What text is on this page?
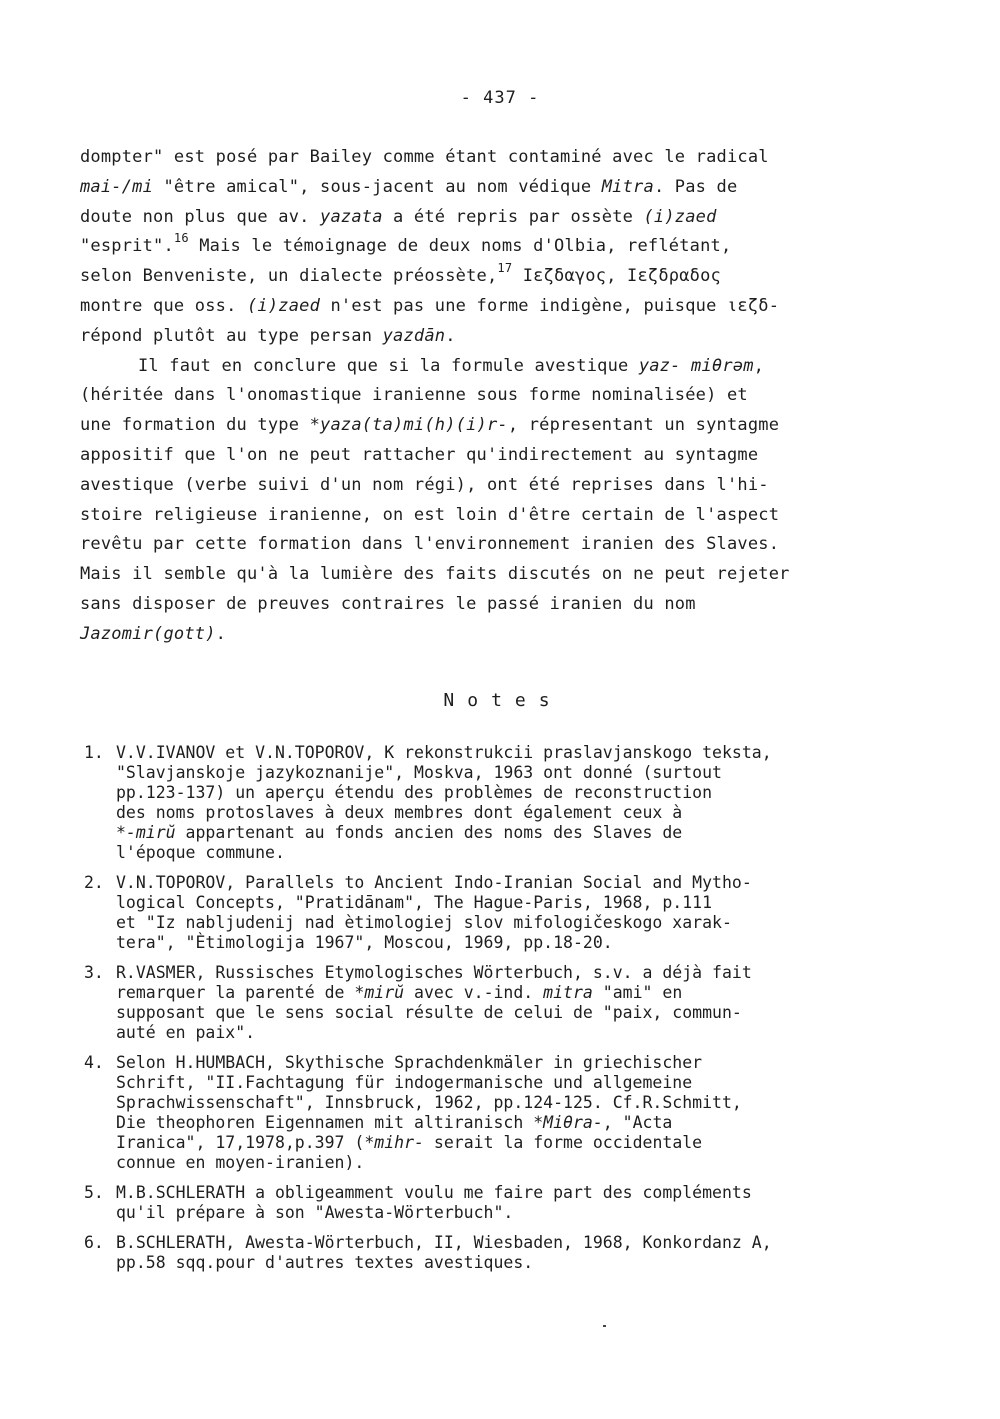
- 437 -
dompter" est posé par Bailey comme étant contaminé avec le radical
mai-/mi "être amical", sous-jacent au nom védique Mitra. Pas de
doute non plus que av. yazata a été repris par ossète (i)zaed
"esprit".$^{16}$ Mais le témoignage de deux noms d'Olbia, reflétant,
selon Benveniste, un dialecte préossète,$^{17}$ Ιεζδαγος, Ιεζδραδος
montre que oss. (i)zaed n'est pas une forme indigène, puisque ιεζδ-
répond plutôt au type persan yazdān.
Il faut en conclure que si la formule avestique yaz- miθrəm,
(héritée dans l'onomastique iranienne sous forme nominalisée) et
une formation du type *yaza(ta)mi(h)(i)r-, répresentant un syntagme
appositif que l'on ne peut rattacher qu'indirectement au syntagme
avestique (verbe suivi d'un nom régi), ont été reprises dans l'hi-
stoire religieuse iranienne, on est loin d'être certain de l'aspect
revêtu par cette formation dans l'environnement iranien des Slaves.
Mais il semble qu'à la lumière des faits discutés on ne peut rejeter
sans disposer de preuves contraires le passé iranien du nom
Jazomir(gott).
Notes
1. V.V.IVANOV et V.N.TOPOROV, K rekonstrukcii praslavjanskogo teksta,
"Slavjanskoje jazykoznanije", Moskva, 1963 ont donné (surtout
pp.123-137) un aperçu étendu des problèmes de reconstruction
des noms protoslaves à deux membres dont également ceux à
*-mirŭ appartenant au fonds ancien des noms des Slaves de
l'époque commune.
2. V.N.TOPOROV, Parallels to Ancient Indo-Iranian Social and Mytho-
logical Concepts, "Pratidānam", The Hague-Paris, 1968, p.111
et "Iz nabljudenij nad ètimologiej slov mifologičeskogo xarak-
tera", "Ètimologija 1967", Moscou, 1969, pp.18-20.
3. R.VASMER, Russisches Etymologisches Wörterbuch, s.v. a déjà fait
remarquer la parenté de *mirŭ avec v.-ind. mitra "ami" en
supposant que le sens social résulte de celui de "paix, commun-
auté en paix".
4. Selon H.HUMBACH, Skythische Sprachdenkmäler in griechischer
Schrift, "II.Fachtagung für indogermanische und allgemeine
Sprachwissenschaft", Innsbruck, 1962, pp.124-125. Cf.R.Schmitt,
Die theophoren Eigennamen mit altiranisch *Miθra-, "Acta
Iranica", 17,1978,p.397 (*mihr- serait la forme occidentale
connue en moyen-iranien).
5. M.B.SCHLERATH a obligeamment voulu me faire part des compléments
qu'il prépare à son "Awesta-Wörterbuch".
6. B.SCHLERATH, Awesta-Wörterbuch, II, Wiesbaden, 1968, Konkordanz A,
pp.58 sqq.pour d'autres textes avestiques.
